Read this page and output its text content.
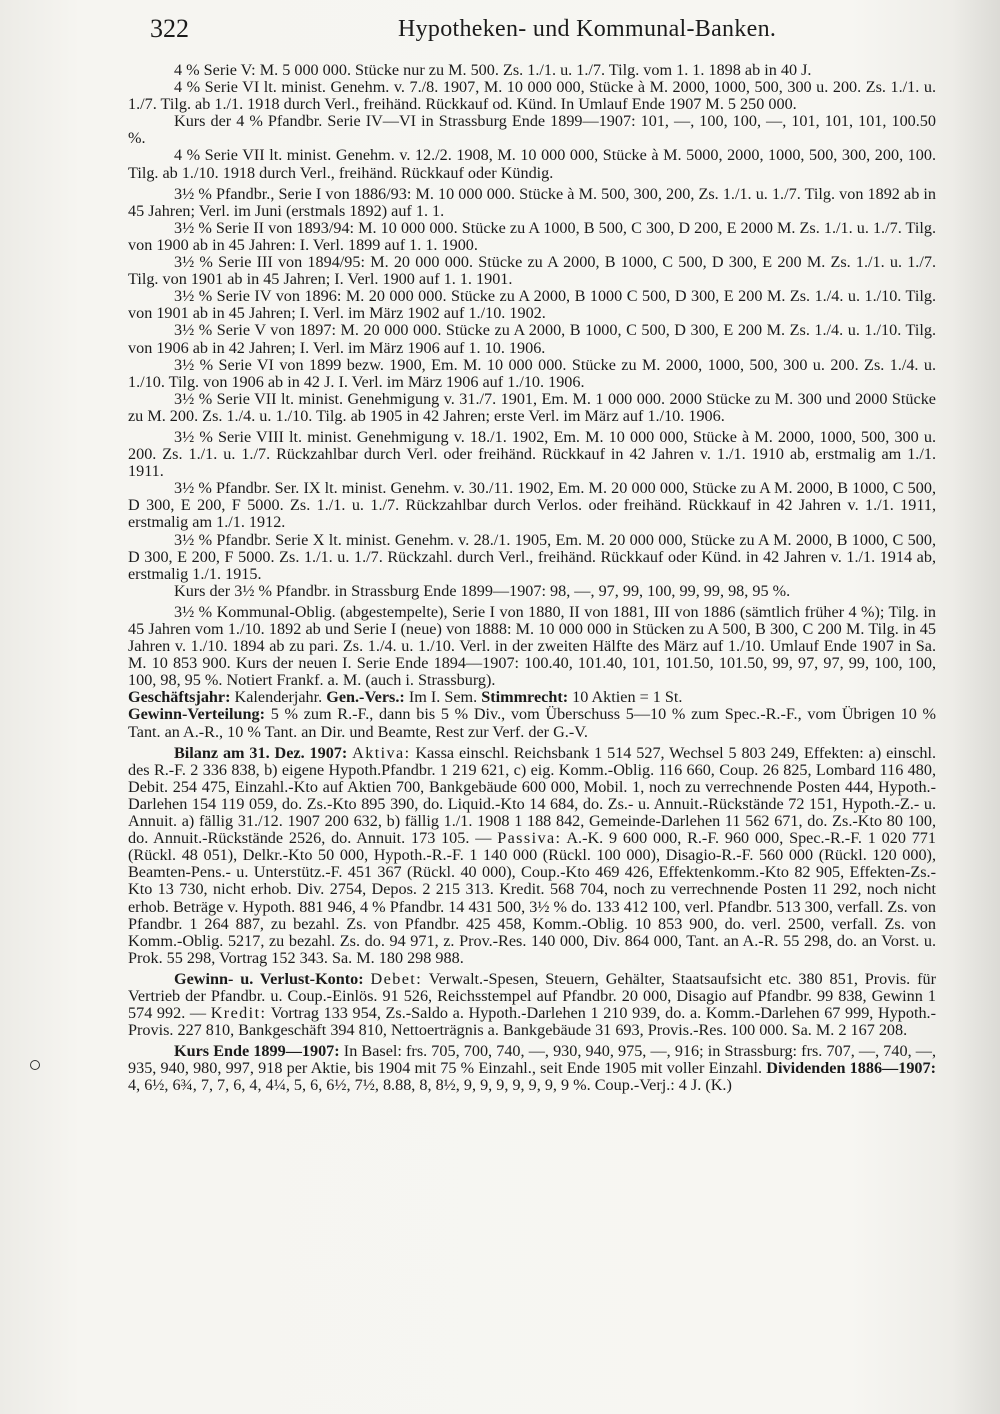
322	Hypotheken- und Kommunal-Banken.

4 % Serie V: M. 5 000 000. Stücke nur zu M. 500. Zs. 1./1. u. 1./7. Tilg. vom 1. 1. 1898 ab in 40 J.

4 % Serie VI lt. minist. Genehm. v. 7./8. 1907, M. 10 000 000, Stücke à M. 2000, 1000, 500, 300 u. 200. Zs. 1./1. u. 1./7. Tilg. ab 1./1. 1918 durch Verl., freihänd. Rückkauf od. Künd. In Umlauf Ende 1907 M. 5 250 000.

Kurs der 4 % Pfandbr. Serie IV—VI in Strassburg Ende 1899—1907: 101, —, 100, 100, —, 101, 101, 101, 100.50 %.

4 % Serie VII lt. minist. Genehm. v. 12./2. 1908, M. 10 000 000, Stücke à M. 5000, 2000, 1000, 500, 300, 200, 100. Tilg. ab 1./10. 1918 durch Verl., freihänd. Rückkauf oder Kündig.

3½ % Pfandbr., Serie I von 1886/93: M. 10 000 000. Stücke à M. 500, 300, 200, Zs. 1./1. u. 1./7. Tilg. von 1892 ab in 45 Jahren; Verl. im Juni (erstmals 1892) auf 1. 1.

3½ % Serie II von 1893/94: M. 10 000 000. Stücke zu A 1000, B 500, C 300, D 200, E 2000 M. Zs. 1./1. u. 1./7. Tilg. von 1900 ab in 45 Jahren: I. Verl. 1899 auf 1. 1. 1900.

3½ % Serie III von 1894/95: M. 20 000 000. Stücke zu A 2000, B 1000, C 500, D 300, E 200 M. Zs. 1./1. u. 1./7. Tilg. von 1901 ab in 45 Jahren; I. Verl. 1900 auf 1. 1. 1901.

3½ % Serie IV von 1896: M. 20 000 000. Stücke zu A 2000, B 1000 C 500, D 300, E 200 M. Zs. 1./4. u. 1./10. Tilg. von 1901 ab in 45 Jahren; I. Verl. im März 1902 auf 1./10. 1902.

3½ % Serie V von 1897: M. 20 000 000. Stücke zu A 2000, B 1000, C 500, D 300, E 200 M. Zs. 1./4. u. 1./10. Tilg. von 1906 ab in 42 Jahren; I. Verl. im März 1906 auf 1. 10. 1906.

3½ % Serie VI von 1899 bezw. 1900, Em. M. 10 000 000. Stücke zu M. 2000, 1000, 500, 300 u. 200. Zs. 1./4. u. 1./10. Tilg. von 1906 ab in 42 J. I. Verl. im März 1906 auf 1./10. 1906.

3½ % Serie VII lt. minist. Genehmigung v. 31./7. 1901, Em. M. 1 000 000. 2000 Stücke zu M. 300 und 2000 Stücke zu M. 200. Zs. 1./4. u. 1./10. Tilg. ab 1905 in 42 Jahren; erste Verl. im März auf 1./10. 1906.

3½ % Serie VIII lt. minist. Genehmigung v. 18./1. 1902, Em. M. 10 000 000, Stücke à M. 2000, 1000, 500, 300 u. 200. Zs. 1./1. u. 1./7. Rückzahlbar durch Verl. oder freihänd. Rückkauf in 42 Jahren v. 1./1. 1910 ab, erstmalig am 1./1. 1911.

3½ % Pfandbr. Ser. IX lt. minist. Genehm. v. 30./11. 1902, Em. M. 20 000 000, Stücke zu A M. 2000, B 1000, C 500, D 300, E 200, F 5000. Zs. 1./1. u. 1./7. Rückzahlbar durch Verlos. oder freihänd. Rückkauf in 42 Jahren v. 1./1. 1911, erstmalig am 1./1. 1912.

3½ % Pfandbr. Serie X lt. minist. Genehm. v. 28./1. 1905, Em. M. 20 000 000, Stücke zu A M. 2000, B 1000, C 500, D 300, E 200, F 5000. Zs. 1./1. u. 1./7. Rückzahl. durch Verl., freihänd. Rückkauf oder Künd. in 42 Jahren v. 1./1. 1914 ab, erstmalig 1./1. 1915.

Kurs der 3½ % Pfandbr. in Strassburg Ende 1899—1907: 98, —, 97, 99, 100, 99, 99, 98, 95 %.

3½ % Kommunal-Oblig. (abgestempelte), Serie I von 1880, II von 1881, III von 1886 (sämtlich früher 4 %); Tilg. in 45 Jahren vom 1./10. 1892 ab und Serie I (neue) von 1888: M. 10 000 000 in Stücken zu A 500, B 300, C 200 M. Tilg. in 45 Jahren v. 1./10. 1894 ab zu pari. Zs. 1./4. u. 1./10. Verl. in der zweiten Hälfte des März auf 1./10. Umlauf Ende 1907 in Sa. M. 10 853 900. Kurs der neuen I. Serie Ende 1894—1907: 100.40, 101.40, 101, 101.50, 101.50, 99, 97, 97, 99, 100, 100, 100, 98, 95 %. Notiert Frankf. a. M. (auch i. Strassburg).

Geschäftsjahr: Kalenderjahr. Gen.-Vers.: Im I. Sem. Stimmrecht: 10 Aktien = 1 St.

Gewinn-Verteilung: 5 % zum R.-F., dann bis 5 % Div., vom Überschuss 5—10 % zum Spec.-R.-F., vom Übrigen 10 % Tant. an A.-R., 10 % Tant. an Dir. und Beamte, Rest zur Verf. der G.-V.

Bilanz am 31. Dez. 1907: Aktiva: Kassa einschl. Reichsbank 1 514 527, Wechsel 5 803 249, Effekten: a) einschl. des R.-F. 2 336 838, b) eigene Hypoth.Pfandbr. 1 219 621, c) eig. Komm.-Oblig. 116 660, Coup. 26 825, Lombard 116 480, Debit. 254 475, Einzahl.-Kto auf Aktien 700, Bankgebäude 600 000, Mobil. 1, noch zu verrechnende Posten 444, Hypoth.-Darlehen 154 119 059, do. Zs.-Kto 895 390, do. Liquid.-Kto 14 684, do. Zs.- u. Annuit.-Rückstände 72 151, Hypoth.-Z.- u. Annuit. a) fällig 31./12. 1907 200 632, b) fällig 1./1. 1908 1 188 842, Gemeinde-Darlehen 11 562 671, do. Zs.-Kto 80 100, do. Annuit.-Rückstände 2526, do. Annuit. 173 105. — Passiva: A.-K. 9 600 000, R.-F. 960 000, Spec.-R.-F. 1 020 771 (Rückl. 48 051), Delkr.-Kto 50 000, Hypoth.-R.-F. 1 140 000 (Rückl. 100 000), Disagio-R.-F. 560 000 (Rückl. 120 000), Beamten-Pens.- u. Unterstütz.-F. 451 367 (Rückl. 40 000), Coup.-Kto 469 426, Effektenkomm.-Kto 82 905, Effekten-Zs.-Kto 13 730, nicht erhob. Div. 2754, Depos. 2 215 313. Kredit. 568 704, noch zu verrechnende Posten 11 292, noch nicht erhob. Beträge v. Hypoth. 881 946, 4 % Pfandbr. 14 431 500, 3½ % do. 133 412 100, verl. Pfandbr. 513 300, verfall. Zs. von Pfandbr. 1 264 887, zu bezahl. Zs. von Pfandbr. 425 458, Komm.-Oblig. 10 853 900, do. verl. 2500, verfall. Zs. von Komm.-Oblig. 5217, zu bezahl. Zs. do. 94 971, z. Prov.-Res. 140 000, Div. 864 000, Tant. an A.-R. 55 298, do. an Vorst. u. Prok. 55 298, Vortrag 152 343. Sa. M. 180 298 988.

Gewinn- u. Verlust-Konto: Debet: Verwalt.-Spesen, Steuern, Gehälter, Staatsaufsicht etc. 380 851, Provis. für Vertrieb der Pfandbr. u. Coup.-Einlös. 91 526, Reichsstempel auf Pfandbr. 20 000, Disagio auf Pfandbr. 99 838, Gewinn 1 574 992. — Kredit: Vortrag 133 954, Zs.-Saldo a. Hypoth.-Darlehen 1 210 939, do. a. Komm.-Darlehen 67 999, Hypoth.-Provis. 227 810, Bankgeschäft 394 810, Nettoerträgnis a. Bankgebäude 31 693, Provis.-Res. 100 000. Sa. M. 2 167 208.

Kurs Ende 1899—1907: In Basel: frs. 705, 700, 740, —, 930, 940, 975, —, 916; in Strassburg: frs. 707, —, 740, —, 935, 940, 980, 997, 918 per Aktie, bis 1904 mit 75 % Einzahl., seit Ende 1905 mit voller Einzahl. Dividenden 1886—1907: 4, 6½, 6¾, 7, 7, 6, 4, 4¼, 5, 6, 6½, 7½, 8.88, 8, 8½, 9, 9, 9, 9, 9, 9, 9 %. Coup.-Verj.: 4 J. (K.)
